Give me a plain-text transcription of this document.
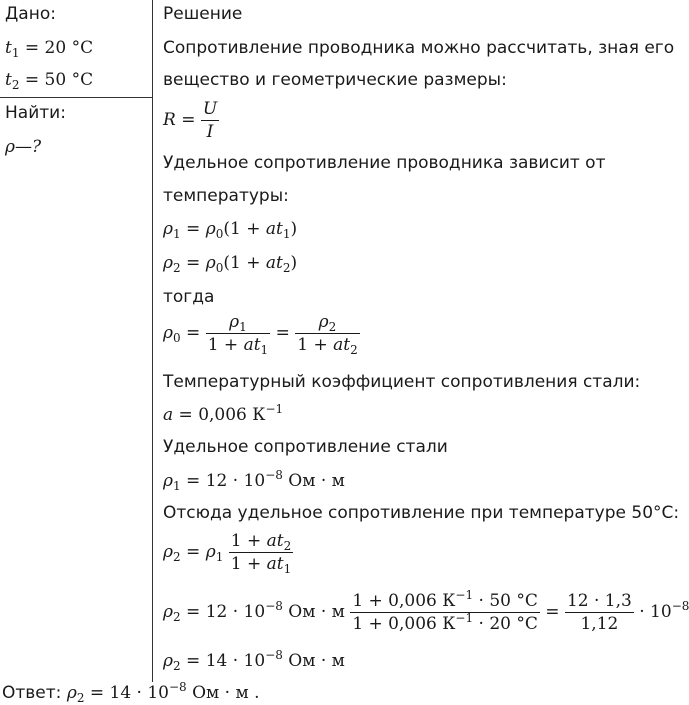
Дано:
$t_1 = 20$ °C
$t_2 = 50$ °C
Найти:
ρ—?
Решение
Сопротивление проводника можно рассчитать, зная его
вещество и геометрические размеры:
$R = \frac{U}{I}$
Удельное сопротивление проводника зависит от
температуры:
$\rho_1 = \rho_0(1 + at_1)$
$\rho_2 = \rho_0(1 + at_2)$
тогда
$\rho_0 = \frac{\rho_1}{1 + at_1} = \frac{\rho_2}{1 + at_2}$
Температурный коэффициент сопротивления стали:
a = 0,006 $К^{-1}$
Удельное сопротивление стали
$\rho_1 = 12 \cdot 10^{-8}$ Ом · м
Отсюда удельное сопротивление при температуре 50°С:
$\rho_2 = \rho_1 \frac{1 + at_2}{1 + at_1}$
$\rho_2 = 12 \cdot 10^{-8}$ Ом · м $\frac{1 + 0,006 К^{-1} \cdot 50 ^\circ С}{1 + 0,006 К^{-1} \cdot 20 ^\circ С} = \frac{12 \cdot 1,3}{1,12} \cdot 10^{-8}$
$\rho_2 = 14 \cdot 10^{-8}$ Ом · м
Ответ: $\rho_2 = 14 \cdot 10^{-8}$ Ом · м .
